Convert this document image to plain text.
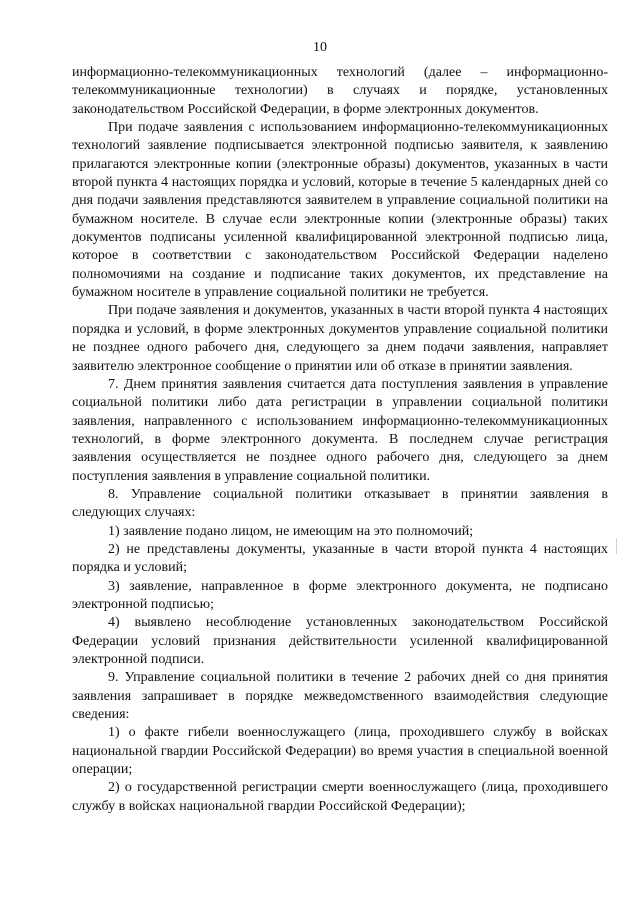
10

информационно-телекоммуникационных технологий (далее – информационно-телекоммуникационные технологии) в случаях и порядке, установленных законодательством Российской Федерации, в форме электронных документов.

При подаче заявления с использованием информационно-телекоммуникационных технологий заявление подписывается электронной подписью заявителя, к заявлению прилагаются электронные копии (электронные образы) документов, указанных в части второй пункта 4 настоящих порядка и условий, которые в течение 5 календарных дней со дня подачи заявления представляются заявителем в управление социальной политики на бумажном носителе. В случае если электронные копии (электронные образы) таких документов подписаны усиленной квалифицированной электронной подписью лица, которое в соответствии с законодательством Российской Федерации наделено полномочиями на создание и подписание таких документов, их представление на бумажном носителе в управление социальной политики не требуется.

При подаче заявления и документов, указанных в части второй пункта 4 настоящих порядка и условий, в форме электронных документов управление социальной политики не позднее одного рабочего дня, следующего за днем подачи заявления, направляет заявителю электронное сообщение о принятии или об отказе в принятии заявления.

7. Днем принятия заявления считается дата поступления заявления в управление социальной политики либо дата регистрации в управлении социальной политики заявления, направленного с использованием информационно-телекоммуникационных технологий, в форме электронного документа. В последнем случае регистрация заявления осуществляется не позднее одного рабочего дня, следующего за днем поступления заявления в управление социальной политики.

8. Управление социальной политики отказывает в принятии заявления в следующих случаях:

1) заявление подано лицом, не имеющим на это полномочий;

2) не представлены документы, указанные в части второй пункта 4 настоящих порядка и условий;

3) заявление, направленное в форме электронного документа, не подписано электронной подписью;

4) выявлено несоблюдение установленных законодательством Российской Федерации условий признания действительности усиленной квалифицированной электронной подписи.

9. Управление социальной политики в течение 2 рабочих дней со дня принятия заявления запрашивает в порядке межведомственного взаимодействия следующие сведения:

1) о факте гибели военнослужащего (лица, проходившего службу в войсках национальной гвардии Российской Федерации) во время участия в специальной военной операции;

2) о государственной регистрации смерти военнослужащего (лица, проходившего службу в войсках национальной гвардии Российской Федерации);
